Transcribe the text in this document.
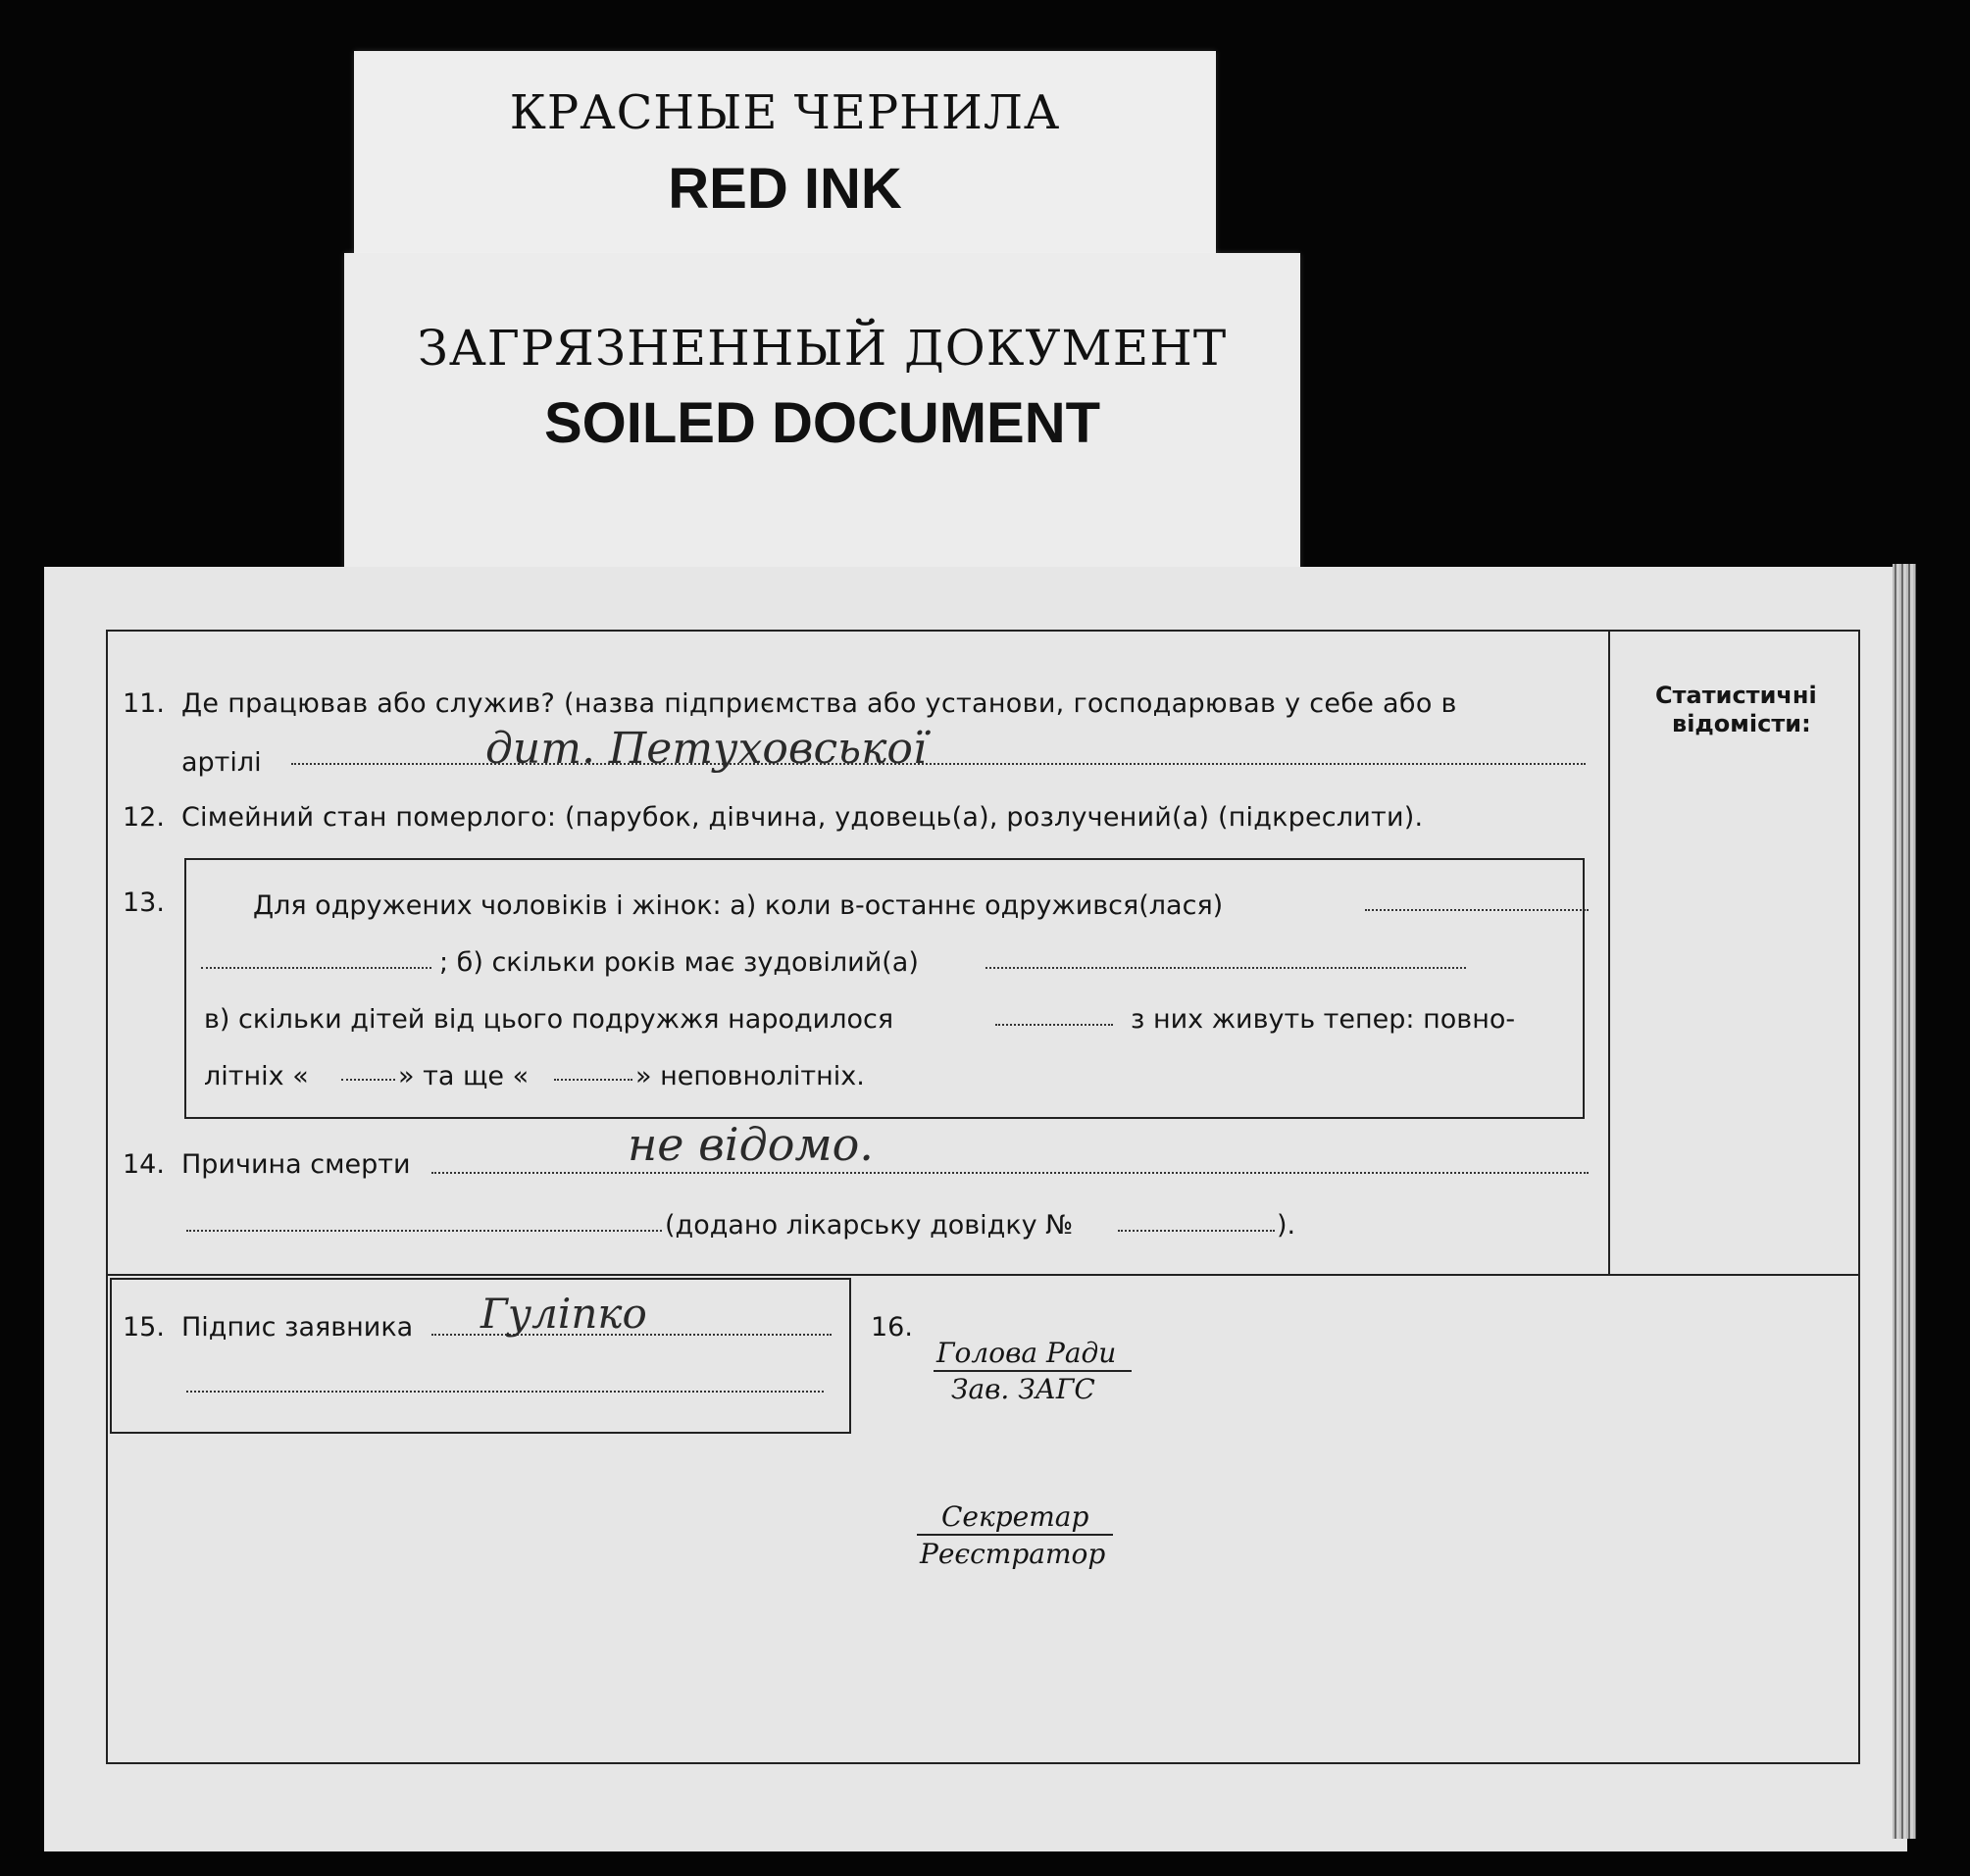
КРАСНЫЕ ЧЕРНИЛА
RED INK
ЗАГРЯЗНЕННЫЙ ДОКУМЕНТ
SOILED DOCUMENT
Статистичні
відомісти:
11. Де працював або служив? (назва підприємства або установи, господарював у себе або в
артілі	дит. Петуховської
12. Сімейний стан померлого: (парубок, дівчина, удовець(а), розлучений(а) (підкреслити).
13.	Для одружених чоловіків і жінок: а) коли в-останнє одружився(лася)
; б) скільки років має зудовілий(а)
в) скільки дітей від цього подружжя народилося	з них живуть тепер: повно-
літніх «	» та ще «	» неповнолітніх.
14. Причина смерти	не відомо.
(додано лікарську довідку №	).
15. Підпис заявника Гуліпко	16.
Голова Ради
Зав. ЗАГС
Секретар
Реєстратор
